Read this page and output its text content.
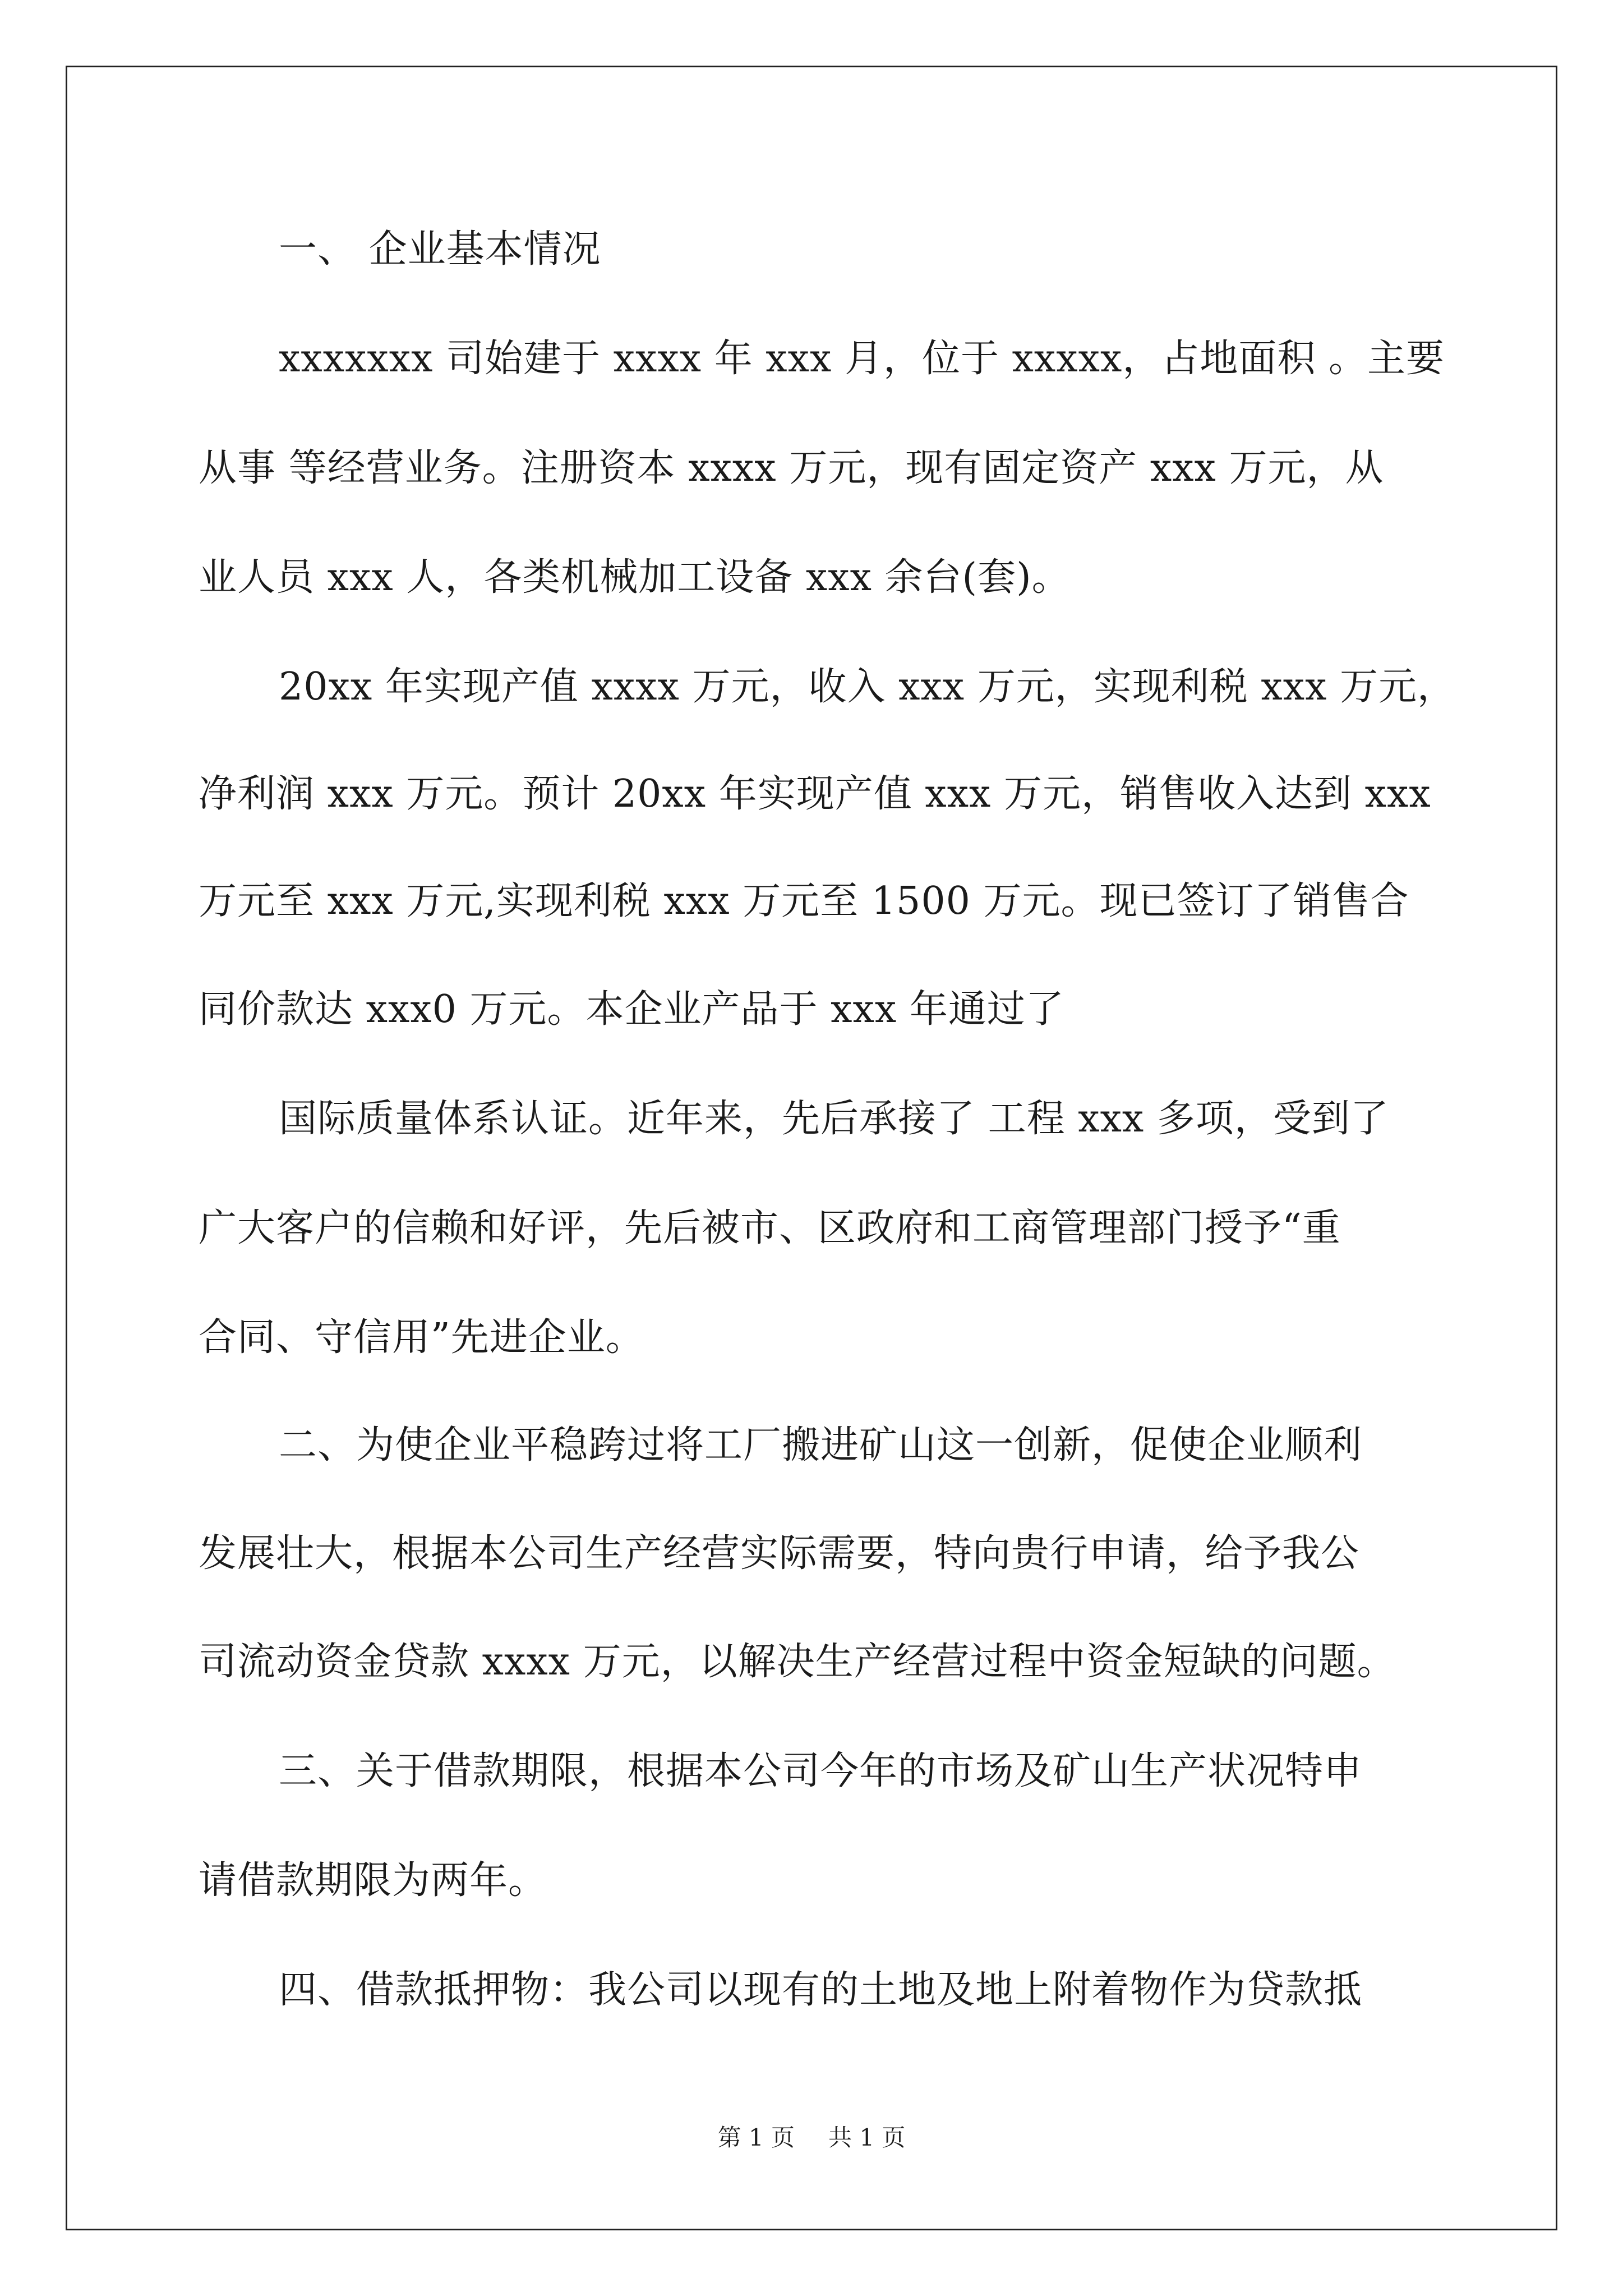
一、 企业基本情况
xxxxxxx 司始建于 xxxx 年 xxx 月，位于 xxxxx，占地面积 。主要
从事 等经营业务。注册资本 xxxx 万元，现有固定资产 xxx 万元，从
业人员 xxx 人，各类机械加工设备 xxx 余台(套)。
20xx 年实现产值 xxxx 万元，收入 xxx 万元，实现利税 xxx 万元，
净利润 xxx 万元。预计 20xx 年实现产值 xxx 万元，销售收入达到 xxx
万元至 xxx 万元,实现利税 xxx 万元至 1500 万元。现已签订了销售合
同价款达 xxx0 万元。本企业产品于 xxx 年通过了
国际质量体系认证。近年来，先后承接了 工程 xxx 多项，受到了
广大客户的信赖和好评，先后被市、区政府和工商管理部门授予“重
合同、守信用”先进企业。
二、为使企业平稳跨过将工厂搬进矿山这一创新，促使企业顺利
发展壮大，根据本公司生产经营实际需要，特向贵行申请，给予我公
司流动资金贷款 xxxx 万元，以解决生产经营过程中资金短缺的问题。
三、关于借款期限，根据本公司今年的市场及矿山生产状况特申
请借款期限为两年。
四、借款抵押物：我公司以现有的土地及地上附着物作为贷款抵
第 1 页 共 1 页
